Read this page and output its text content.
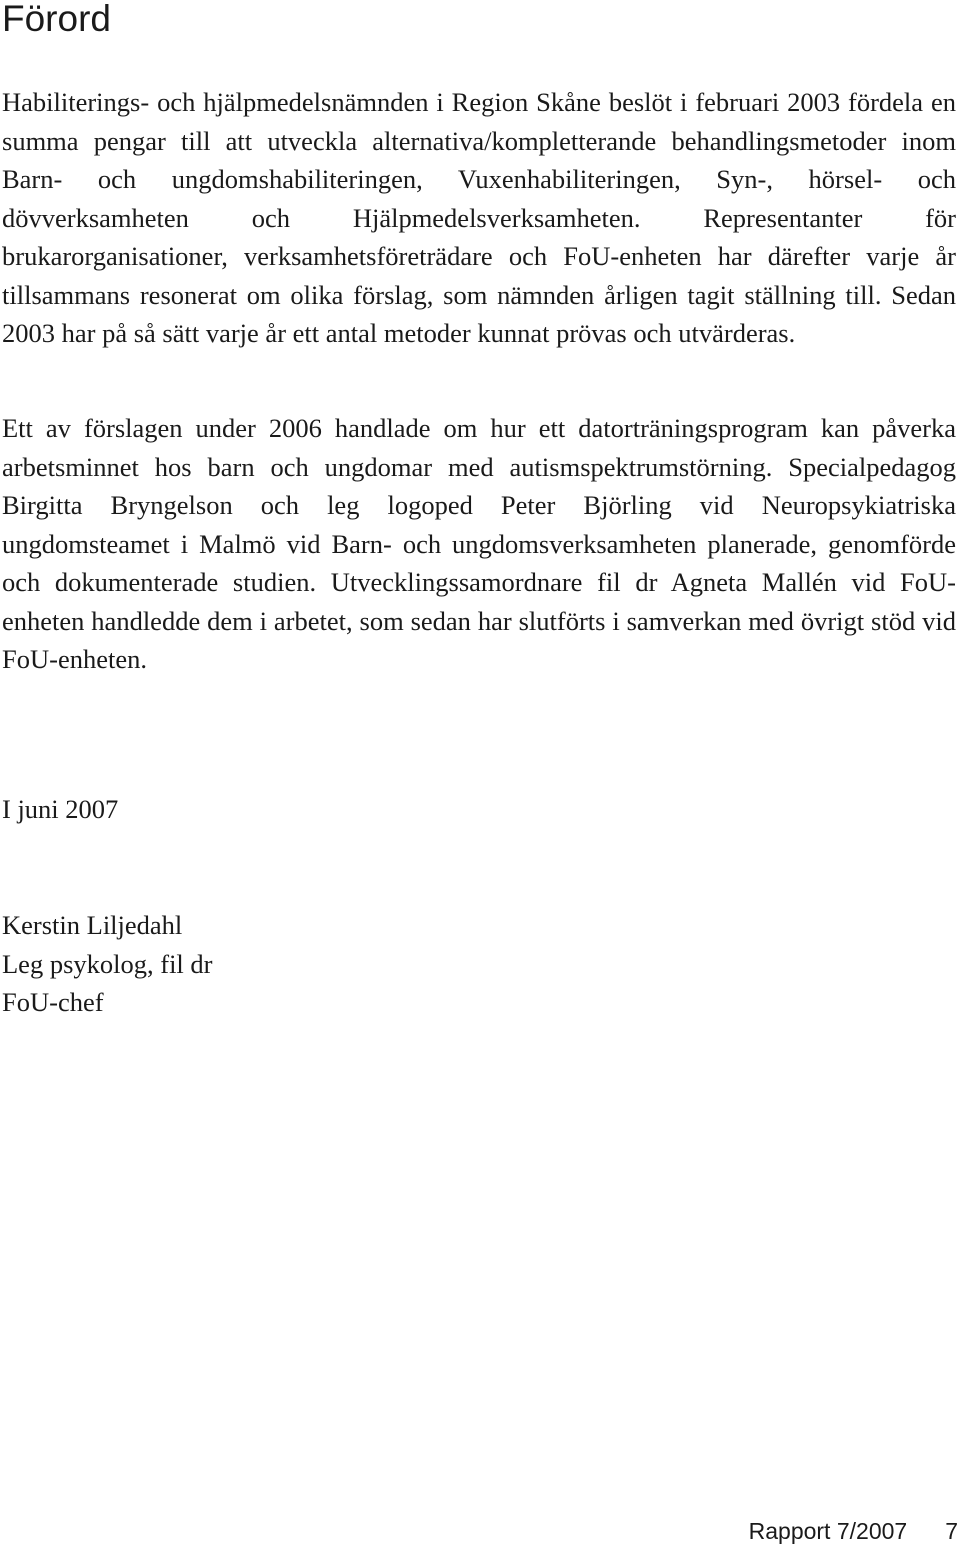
Förord

Habiliterings- och hjälpmedelsnämnden i Region Skåne beslöt i februari 2003 fördela en summa pengar till att utveckla alternativa/kompletterande behandlingsmetoder inom Barn- och ungdomshabiliteringen, Vuxenhabiliteringen, Syn-, hörsel- och dövverksamheten och Hjälpmedelsverksamheten. Representanter för brukarorganisationer, verksamhetsföreträdare och FoU-enheten har därefter varje år tillsammans resonerat om olika förslag, som nämnden årligen tagit ställning till. Sedan 2003 har på så sätt varje år ett antal metoder kunnat prövas och utvärderas.

Ett av förslagen under 2006 handlade om hur ett datorträningsprogram kan påverka arbetsminnet hos barn och ungdomar med autismspektrumstörning. Specialpedagog Birgitta Bryngelson och leg logoped Peter Björling vid Neuropsykiatriska ungdomsteamet i Malmö vid Barn- och ungdomsverksamheten planerade, genomförde och dokumenterade studien. Utvecklingssamordnare fil dr Agneta Mallén vid FoU-enheten handledde dem i arbetet, som sedan har slutförts i samverkan med övrigt stöd vid FoU-enheten.

I juni 2007
Kerstin Liljedahl
Leg psykolog, fil dr
FoU-chef
Rapport 7/2007 7
